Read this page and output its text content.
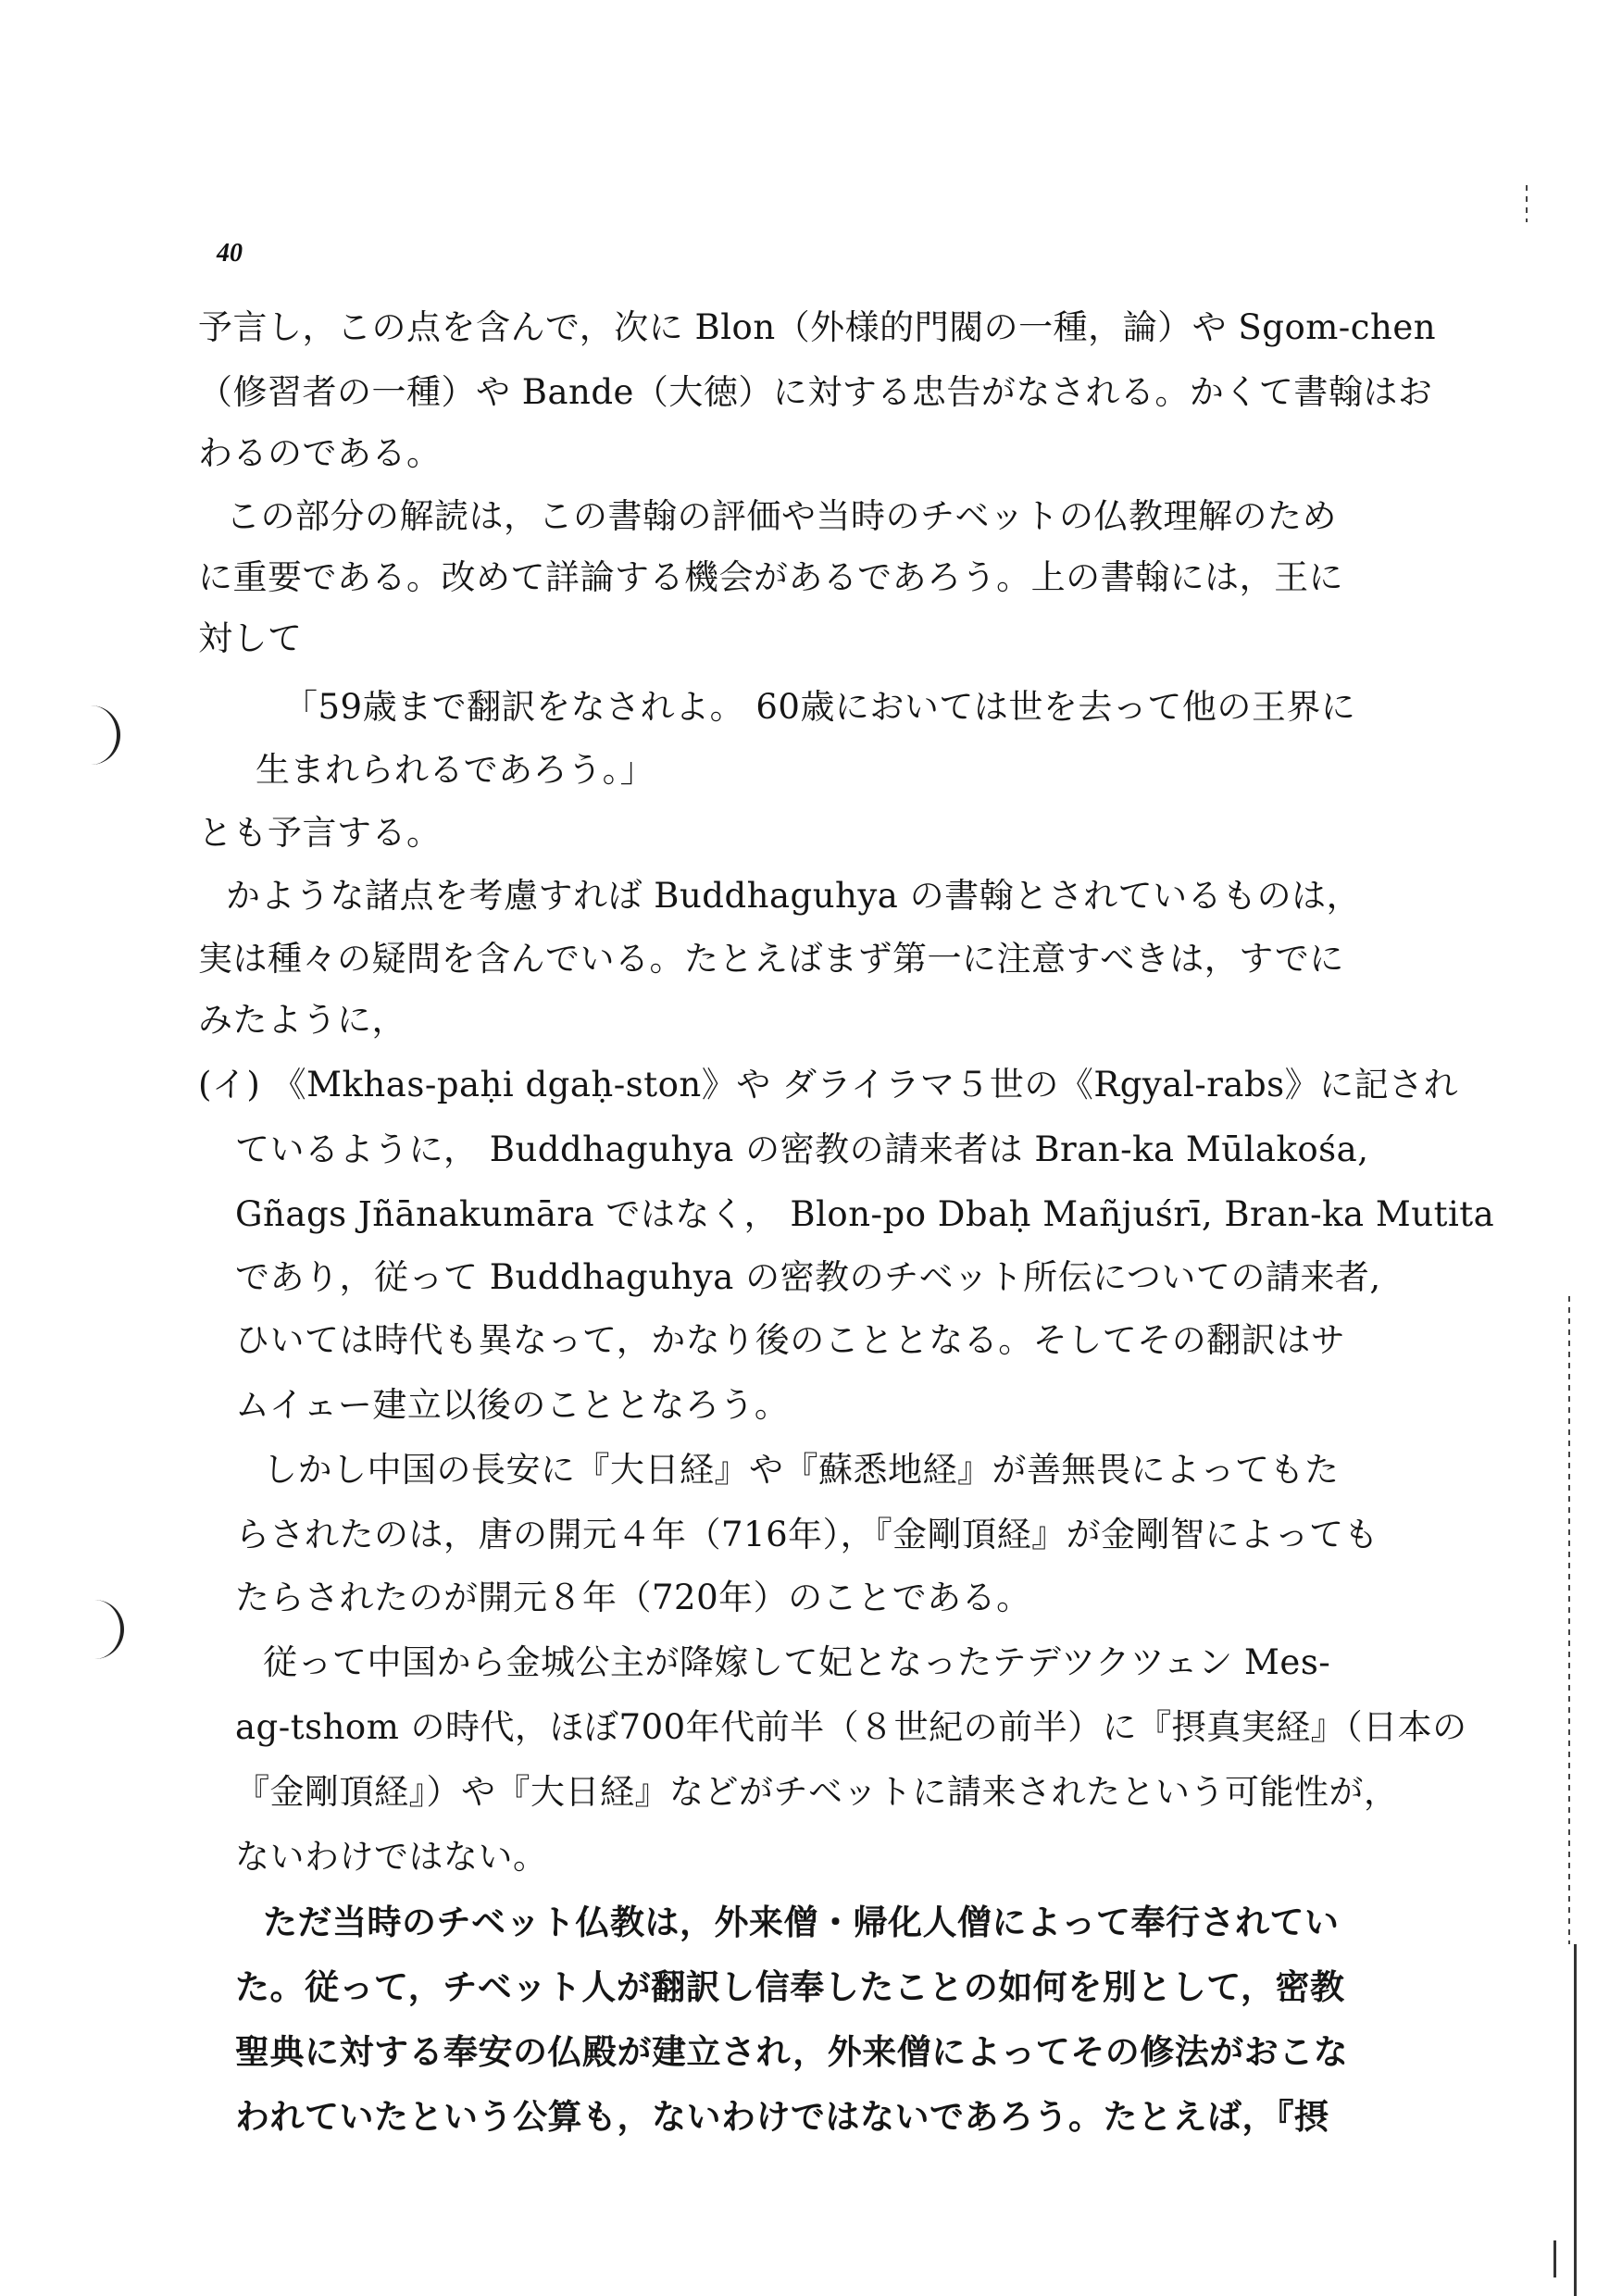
40
予言し，この点を含んで，次に Blon（外様的門閥の一種，論）や Sgom-chen
（修習者の一種）や Bande（大徳）に対する忠告がなされる。かくて書翰はお
わるのである。
この部分の解読は，この書翰の評価や当時のチベットの仏教理解のため
に重要である。改めて詳論する機会があるであろう。上の書翰には，王に
対して
「59歳まで翻訳をなされよ。 60歳においては世を去って他の王界に
生まれられるであろう。」
とも予言する。
かような諸点を考慮すれば Buddhaguhya の書翰とされているものは，
実は種々の疑問を含んでいる。たとえばまず第一に注意すべきは，すでに
みたように，
(イ) 《Mkhas-paḥi dgaḥ-ston》や ダライラマ５世の《Rgyal-rabs》に記され
ているように， Buddhaguhya の密教の請来者は Bran-ka Mūlakośa,
Gñags Jñānakumāra ではなく， Blon-po Dbaḥ Mañjuśrī, Bran-ka Mutita
であり，従って Buddhaguhya の密教のチベット所伝についての請来者,
ひいては時代も異なって，かなり後のこととなる。そしてその翻訳はサ
ムイェー建立以後のこととなろう。
しかし中国の長安に『大日経』や『蘇悉地経』が善無畏によってもた
らされたのは，唐の開元４年（716年），『金剛頂経』が金剛智によっても
たらされたのが開元８年（720年）のことである。
従って中国から金城公主が降嫁して妃となったテデツクツェン Mes-
ag-tshom の時代，ほぼ700年代前半（８世紀の前半）に『摂真実経』（日本の
『金剛頂経』）や『大日経』などがチベットに請来されたという可能性が，
ないわけではない。
ただ当時のチベット仏教は，外来僧・帰化人僧によって奉行されてい
た。従って，チベット人が翻訳し信奉したことの如何を別として，密教
聖典に対する奉安の仏殿が建立され，外来僧によってその修法がおこな
われていたという公算も，ないわけではないであろう。たとえば，『摂
